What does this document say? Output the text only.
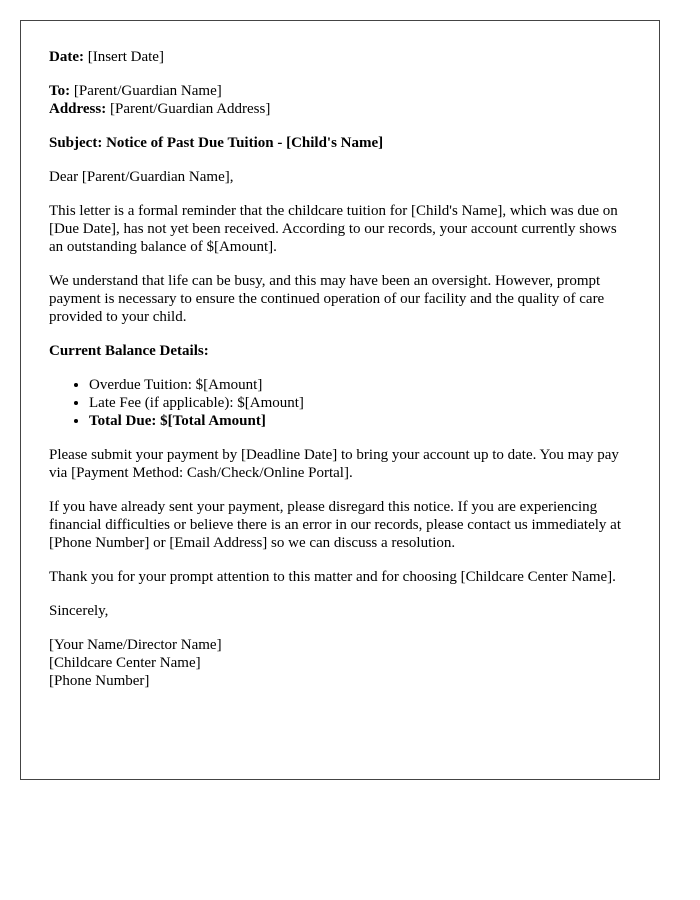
Date: [Insert Date]

To: [Parent/Guardian Name]
Address: [Parent/Guardian Address]

Subject: Notice of Past Due Tuition - [Child's Name]

Dear [Parent/Guardian Name],

This letter is a formal reminder that the childcare tuition for [Child's Name], which was due on [Due Date], has not yet been received. According to our records, your account currently shows an outstanding balance of $[Amount].

We understand that life can be busy, and this may have been an oversight. However, prompt payment is necessary to ensure the continued operation of our facility and the quality of care provided to your child.

Current Balance Details:

• Overdue Tuition: $[Amount]
• Late Fee (if applicable): $[Amount]
• Total Due: $[Total Amount]

Please submit your payment by [Deadline Date] to bring your account up to date. You may pay via [Payment Method: Cash/Check/Online Portal].

If you have already sent your payment, please disregard this notice. If you are experiencing financial difficulties or believe there is an error in our records, please contact us immediately at [Phone Number] or [Email Address] so we can discuss a resolution.

Thank you for your prompt attention to this matter and for choosing [Childcare Center Name].

Sincerely,

[Your Name/Director Name]
[Childcare Center Name]
[Phone Number]
